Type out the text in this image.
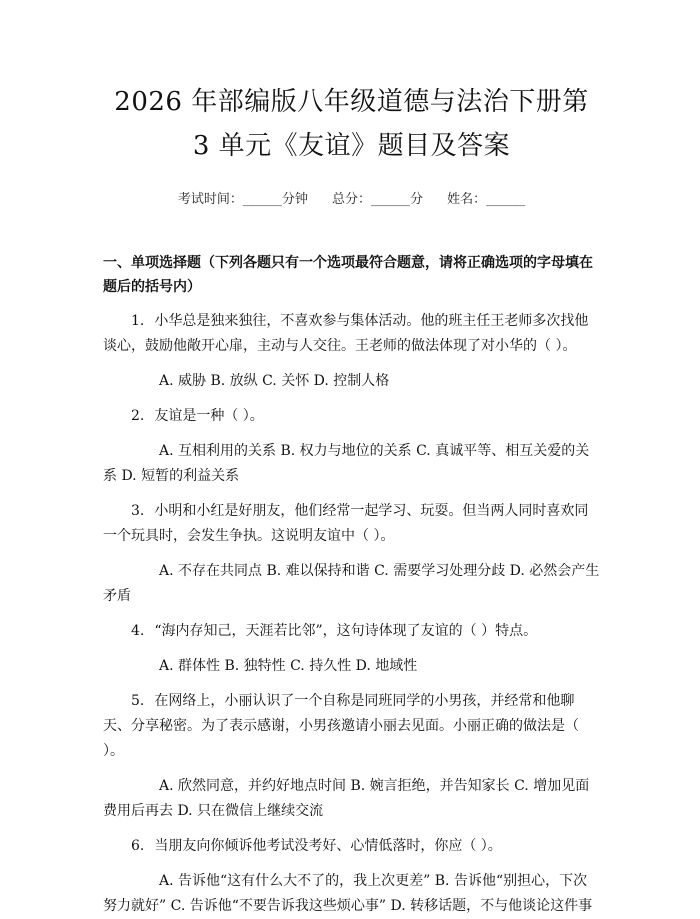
2026 年部编版八年级道德与法治下册第 3 单元《友谊》题目及答案
考试时间：______分钟 总分：______分 姓名：______
一、单项选择题（下列各题只有一个选项最符合题意，请将正确选项的字母填在题后的括号内）
1. 小华总是独来独往，不喜欢参与集体活动。他的班主任王老师多次找他谈心，鼓励他敞开心扉，主动与人交往。王老师的做法体现了对小华的（ ）。
A. 威胁 B. 放纵 C. 关怀 D. 控制人格
2. 友谊是一种（ ）。
A. 互相利用的关系 B. 权力与地位的关系 C. 真诚平等、相互关爱的关系 D. 短暂的利益关系
3. 小明和小红是好朋友，他们经常一起学习、玩耍。但当两人同时喜欢同一个玩具时，会发生争执。这说明友谊中（ ）。
A. 不存在共同点 B. 难以保持和谐 C. 需要学习处理分歧 D. 必然会产生矛盾
4. “海内存知己，天涯若比邻”，这句诗体现了友谊的（ ）特点。
A. 群体性 B. 独特性 C. 持久性 D. 地域性
5. 在网络上，小丽认识了一个自称是同班同学的小男孩，并经常和他聊天、分享秘密。为了表示感谢，小男孩邀请小丽去见面。小丽正确的做法是（ ）。
A. 欣然同意，并约好地点时间 B. 婉言拒绝，并告知家长 C. 增加见面费用后再去 D. 只在微信上继续交流
6. 当朋友向你倾诉他考试没考好、心情低落时，你应（ ）。
A. 告诉他“这有什么大不了的，我上次更差” B. 告诉他“别担心，下次努力就好” C. 告诉他“不要告诉我这些烦心事” D. 转移话题，不与他谈论这件事
